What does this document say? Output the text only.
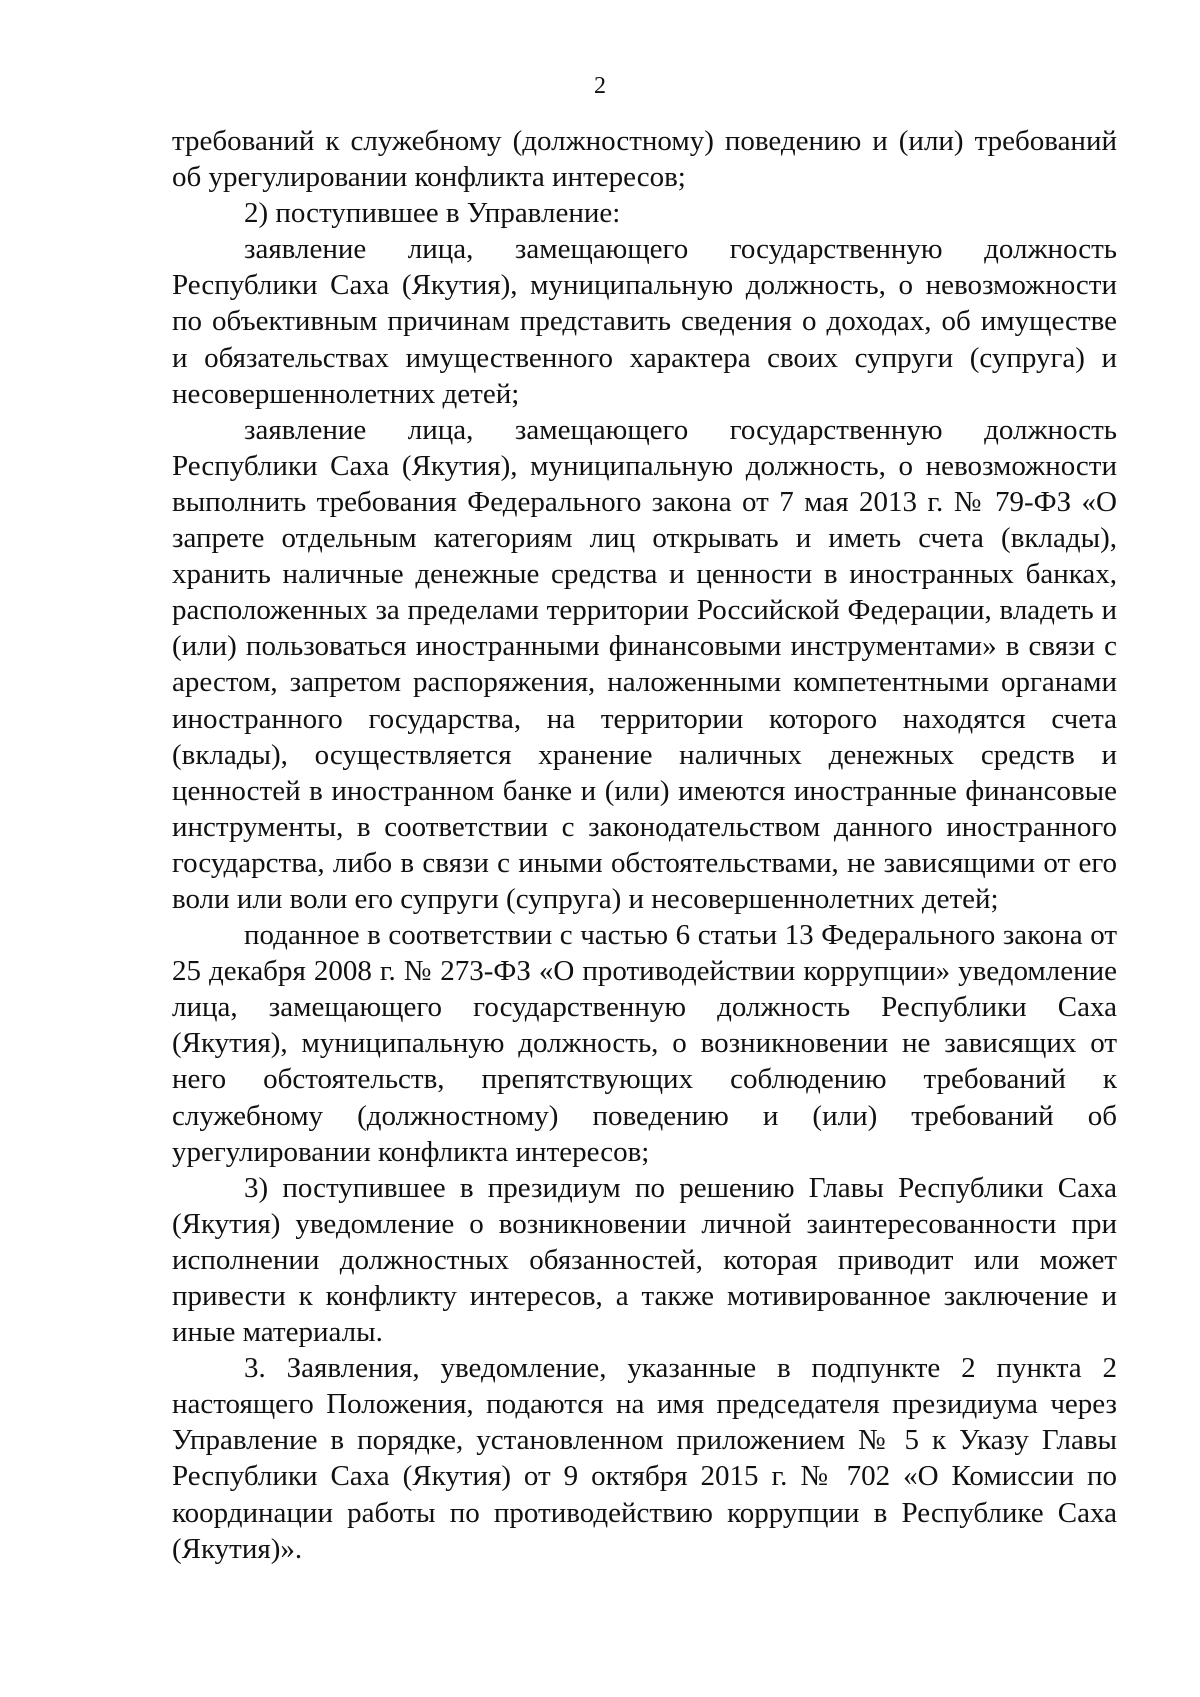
2

требований к служебному (должностному) поведению и (или) требований об урегулировании конфликта интересов;

2) поступившее в Управление:

заявление лица, замещающего государственную должность Республики Саха (Якутия), муниципальную должность, о невозможности по объективным причинам представить сведения о доходах, об имуществе и обязательствах имущественного характера своих супруги (супруга) и несовершеннолетних детей;

заявление лица, замещающего государственную должность Республики Саха (Якутия), муниципальную должность, о невозможности выполнить требования Федерального закона от 7 мая 2013 г. № 79-ФЗ «О запрете отдельным категориям лиц открывать и иметь счета (вклады), хранить наличные денежные средства и ценности в иностранных банках, расположенных за пределами территории Российской Федерации, владеть и (или) пользоваться иностранными финансовыми инструментами» в связи с арестом, запретом распоряжения, наложенными компетентными органами иностранного государства, на территории которого находятся счета (вклады), осуществляется хранение наличных денежных средств и ценностей в иностранном банке и (или) имеются иностранные финансовые инструменты, в соответствии с законодательством данного иностранного государства, либо в связи с иными обстоятельствами, не зависящими от его воли или воли его супруги (супруга) и несовершеннолетних детей;

поданное в соответствии с частью 6 статьи 13 Федерального закона от 25 декабря 2008 г. № 273-ФЗ «О противодействии коррупции» уведомление лица, замещающего государственную должность Республики Саха (Якутия), муниципальную должность, о возникновении не зависящих от него обстоятельств, препятствующих соблюдению требований к служебному (должностному) поведению и (или) требований об урегулировании конфликта интересов;

3) поступившее в президиум по решению Главы Республики Саха (Якутия) уведомление о возникновении личной заинтересованности при исполнении должностных обязанностей, которая приводит или может привести к конфликту интересов, а также мотивированное заключение и иные материалы.

3. Заявления, уведомление, указанные в подпункте 2 пункта 2 настоящего Положения, подаются на имя председателя президиума через Управление в порядке, установленном приложением № 5 к Указу Главы Республики Саха (Якутия) от 9 октября 2015 г. № 702 «О Комиссии по координации работы по противодействию коррупции в Республике Саха (Якутия)».
